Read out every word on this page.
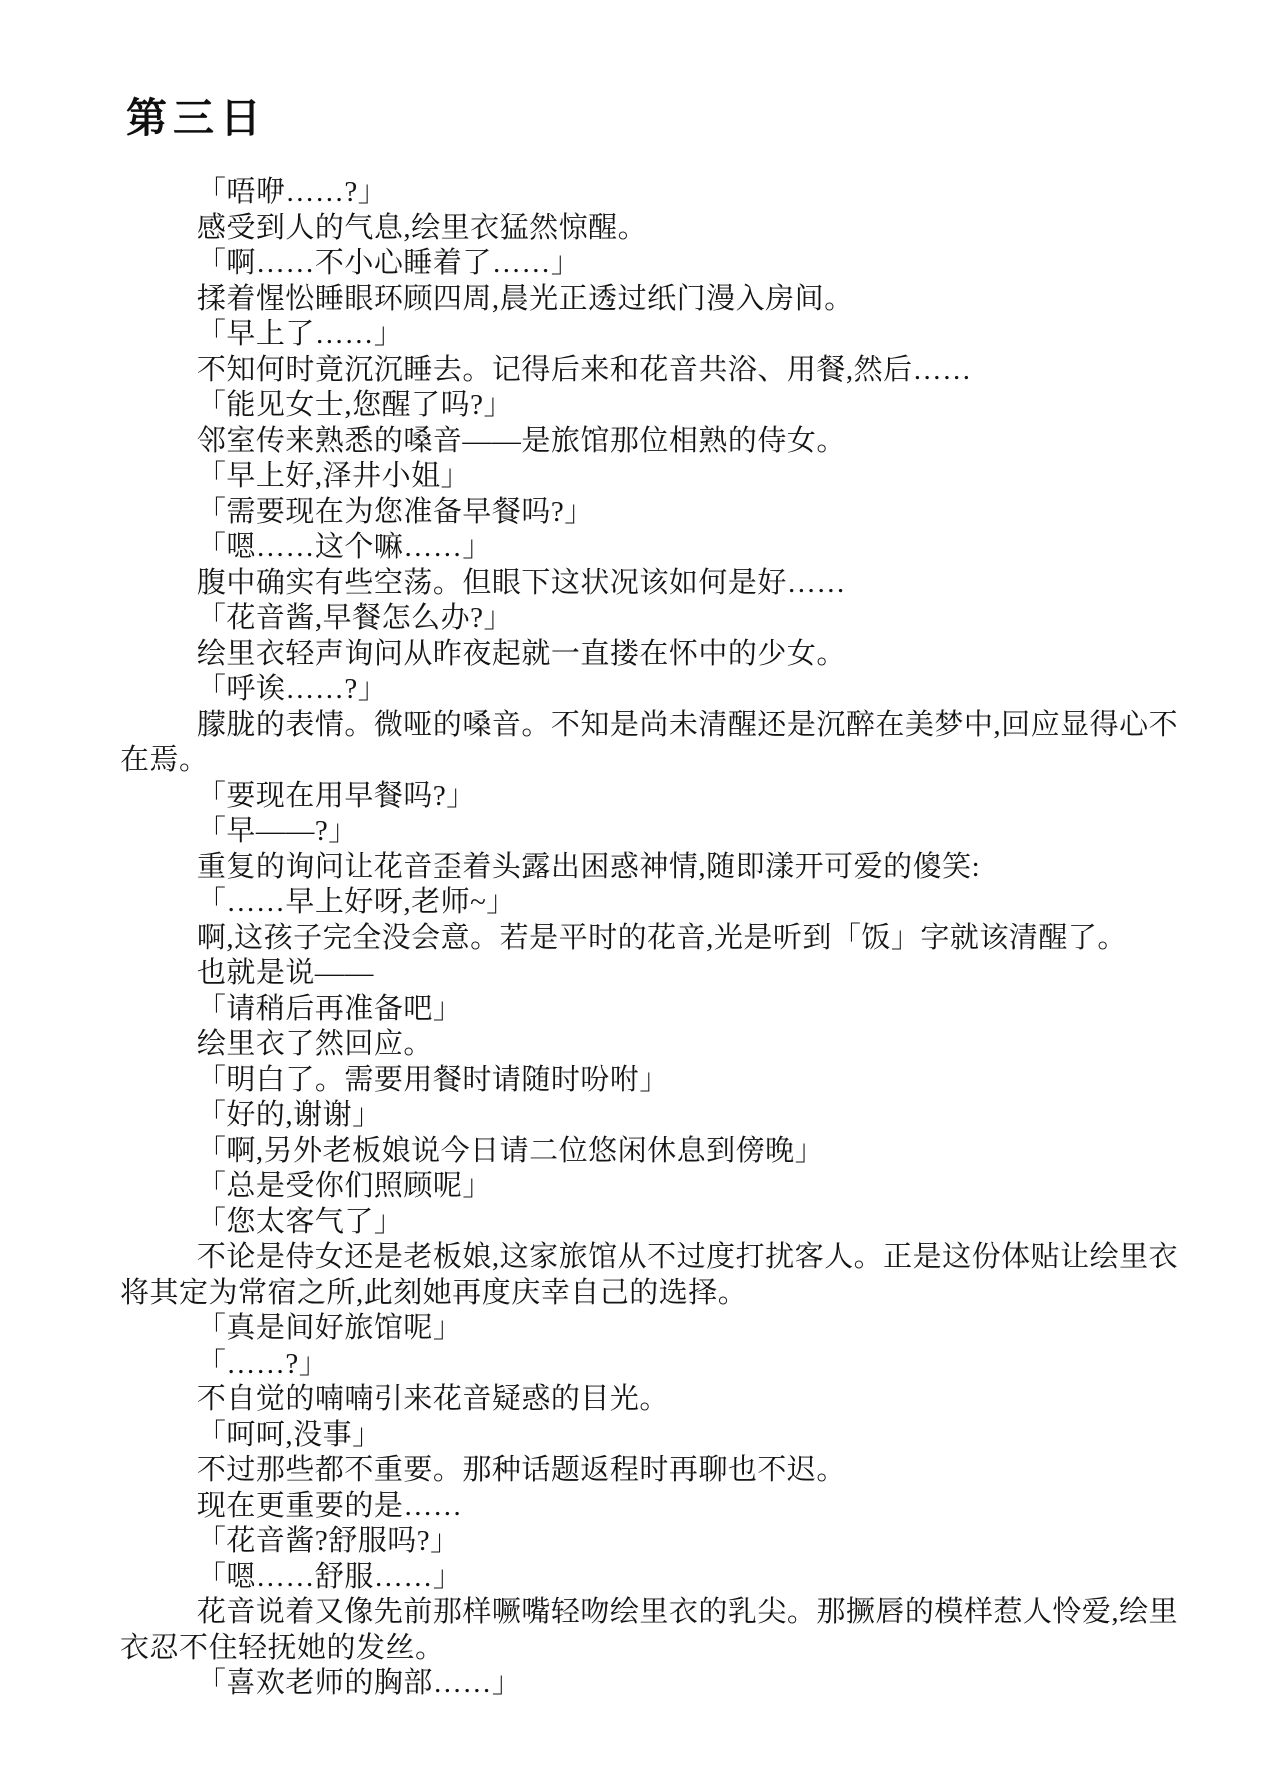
第三日

「唔咿……?」

感受到人的气息,绘里衣猛然惊醒。

「啊……不小心睡着了……」

揉着惺忪睡眼环顾四周,晨光正透过纸门漫入房间。

「早上了……」

不知何时竟沉沉睡去。记得后来和花音共浴、用餐,然后……

「能见女士,您醒了吗?」

邻室传来熟悉的嗓音——是旅馆那位相熟的侍女。

「早上好,泽井小姐」

「需要现在为您准备早餐吗?」

「嗯……这个嘛……」

腹中确实有些空荡。但眼下这状况该如何是好……

「花音酱,早餐怎么办?」

绘里衣轻声询问从昨夜起就一直搂在怀中的少女。

「呼诶……?」

朦胧的表情。微哑的嗓音。不知是尚未清醒还是沉醉在美梦中,回应显得心不在焉。

「要现在用早餐吗?」

「早——?」

重复的询问让花音歪着头露出困惑神情,随即漾开可爱的傻笑:

「……早上好呀,老师~」

啊,这孩子完全没会意。若是平时的花音,光是听到「饭」字就该清醒了。

也就是说——

「请稍后再准备吧」

绘里衣了然回应。

「明白了。需要用餐时请随时吩咐」

「好的,谢谢」

「啊,另外老板娘说今日请二位悠闲休息到傍晚」

「总是受你们照顾呢」

「您太客气了」

不论是侍女还是老板娘,这家旅馆从不过度打扰客人。正是这份体贴让绘里衣将其定为常宿之所,此刻她再度庆幸自己的选择。

「真是间好旅馆呢」

「……?」

不自觉的喃喃引来花音疑惑的目光。

「呵呵,没事」

不过那些都不重要。那种话题返程时再聊也不迟。

现在更重要的是……

「花音酱?舒服吗?」

「嗯……舒服……」

花音说着又像先前那样噘嘴轻吻绘里衣的乳尖。那撅唇的模样惹人怜爱,绘里衣忍不住轻抚她的发丝。

「喜欢老师的胸部……」
